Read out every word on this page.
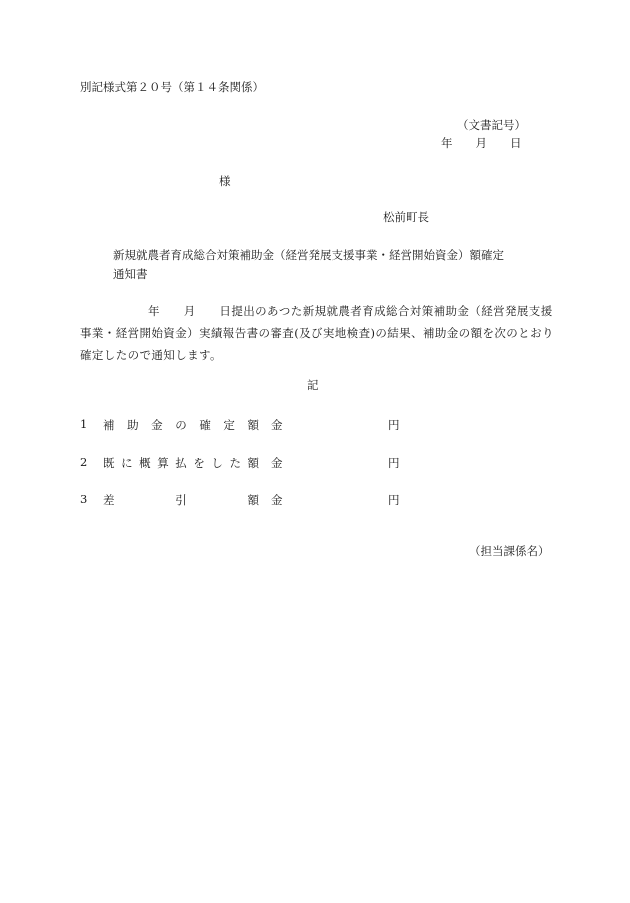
別記様式第２０号（第１４条関係）
（文書記号）
年　　月　　日
様
松前町長
新規就農者育成総合対策補助金（経営発展支援事業・経営開始資金）額確定
通知書
年　　月　　日提出のあつた新規就農者育成総合対策補助金（経営発展支援
事業・経営開始資金）実績報告書の審査(及び実地検査)の結果、補助金の額を次のとおり
確定したので通知します。
記
1 補 助 金 の 確 定 額 金	円
2 既 に 概 算 払 を し た 額 金	円
3 差	引	額 金	円
（担当課係名）
